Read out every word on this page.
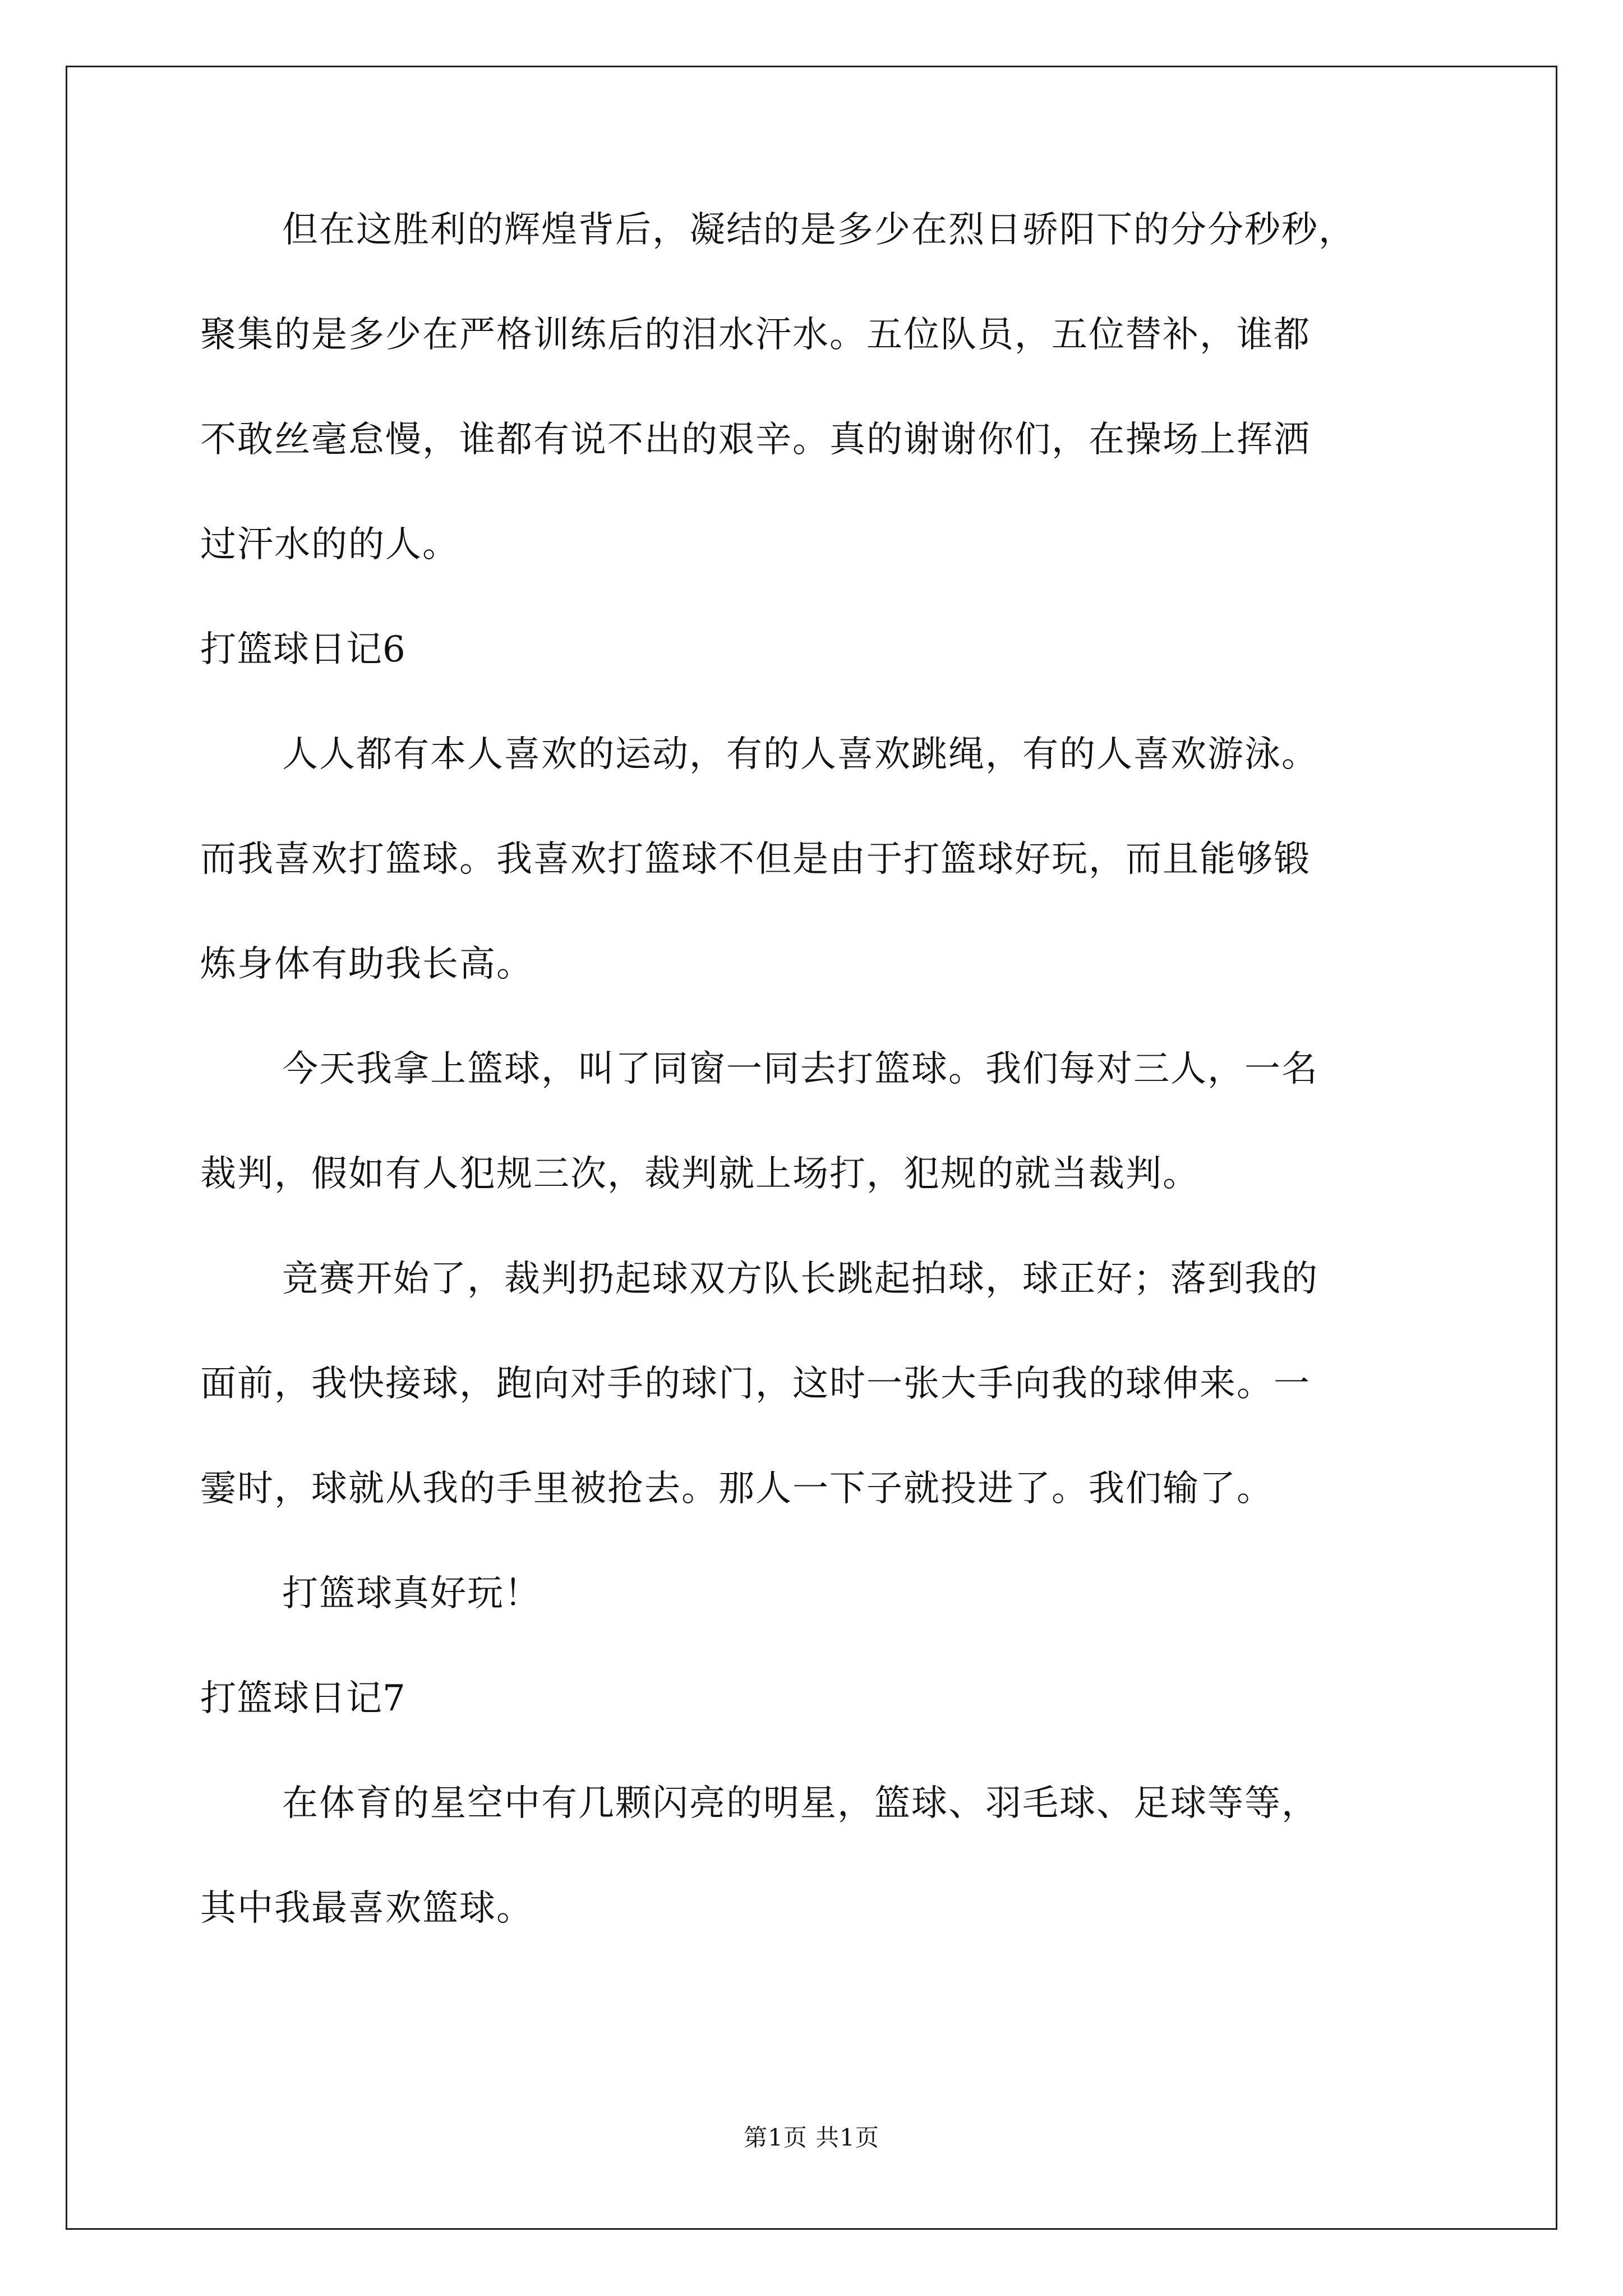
但在这胜利的辉煌背后，凝结的是多少在烈日骄阳下的分分秒秒，
聚集的是多少在严格训练后的泪水汗水。五位队员，五位替补，谁都
不敢丝毫怠慢，谁都有说不出的艰辛。真的谢谢你们，在操场上挥洒
过汗水的的人。
打篮球日记6
人人都有本人喜欢的运动，有的人喜欢跳绳，有的人喜欢游泳。
而我喜欢打篮球。我喜欢打篮球不但是由于打篮球好玩，而且能够锻
炼身体有助我长高。
今天我拿上篮球，叫了同窗一同去打篮球。我们每对三人，一名
裁判，假如有人犯规三次，裁判就上场打，犯规的就当裁判。
竞赛开始了，裁判扔起球双方队长跳起拍球，球正好；落到我的
面前，我快接球，跑向对手的球门，这时一张大手向我的球伸来。一
霎时，球就从我的手里被抢去。那人一下子就投进了。我们输了。
打篮球真好玩！
打篮球日记7
在体育的星空中有几颗闪亮的明星，篮球、羽毛球、足球等等，
其中我最喜欢篮球。
第1页 共1页
